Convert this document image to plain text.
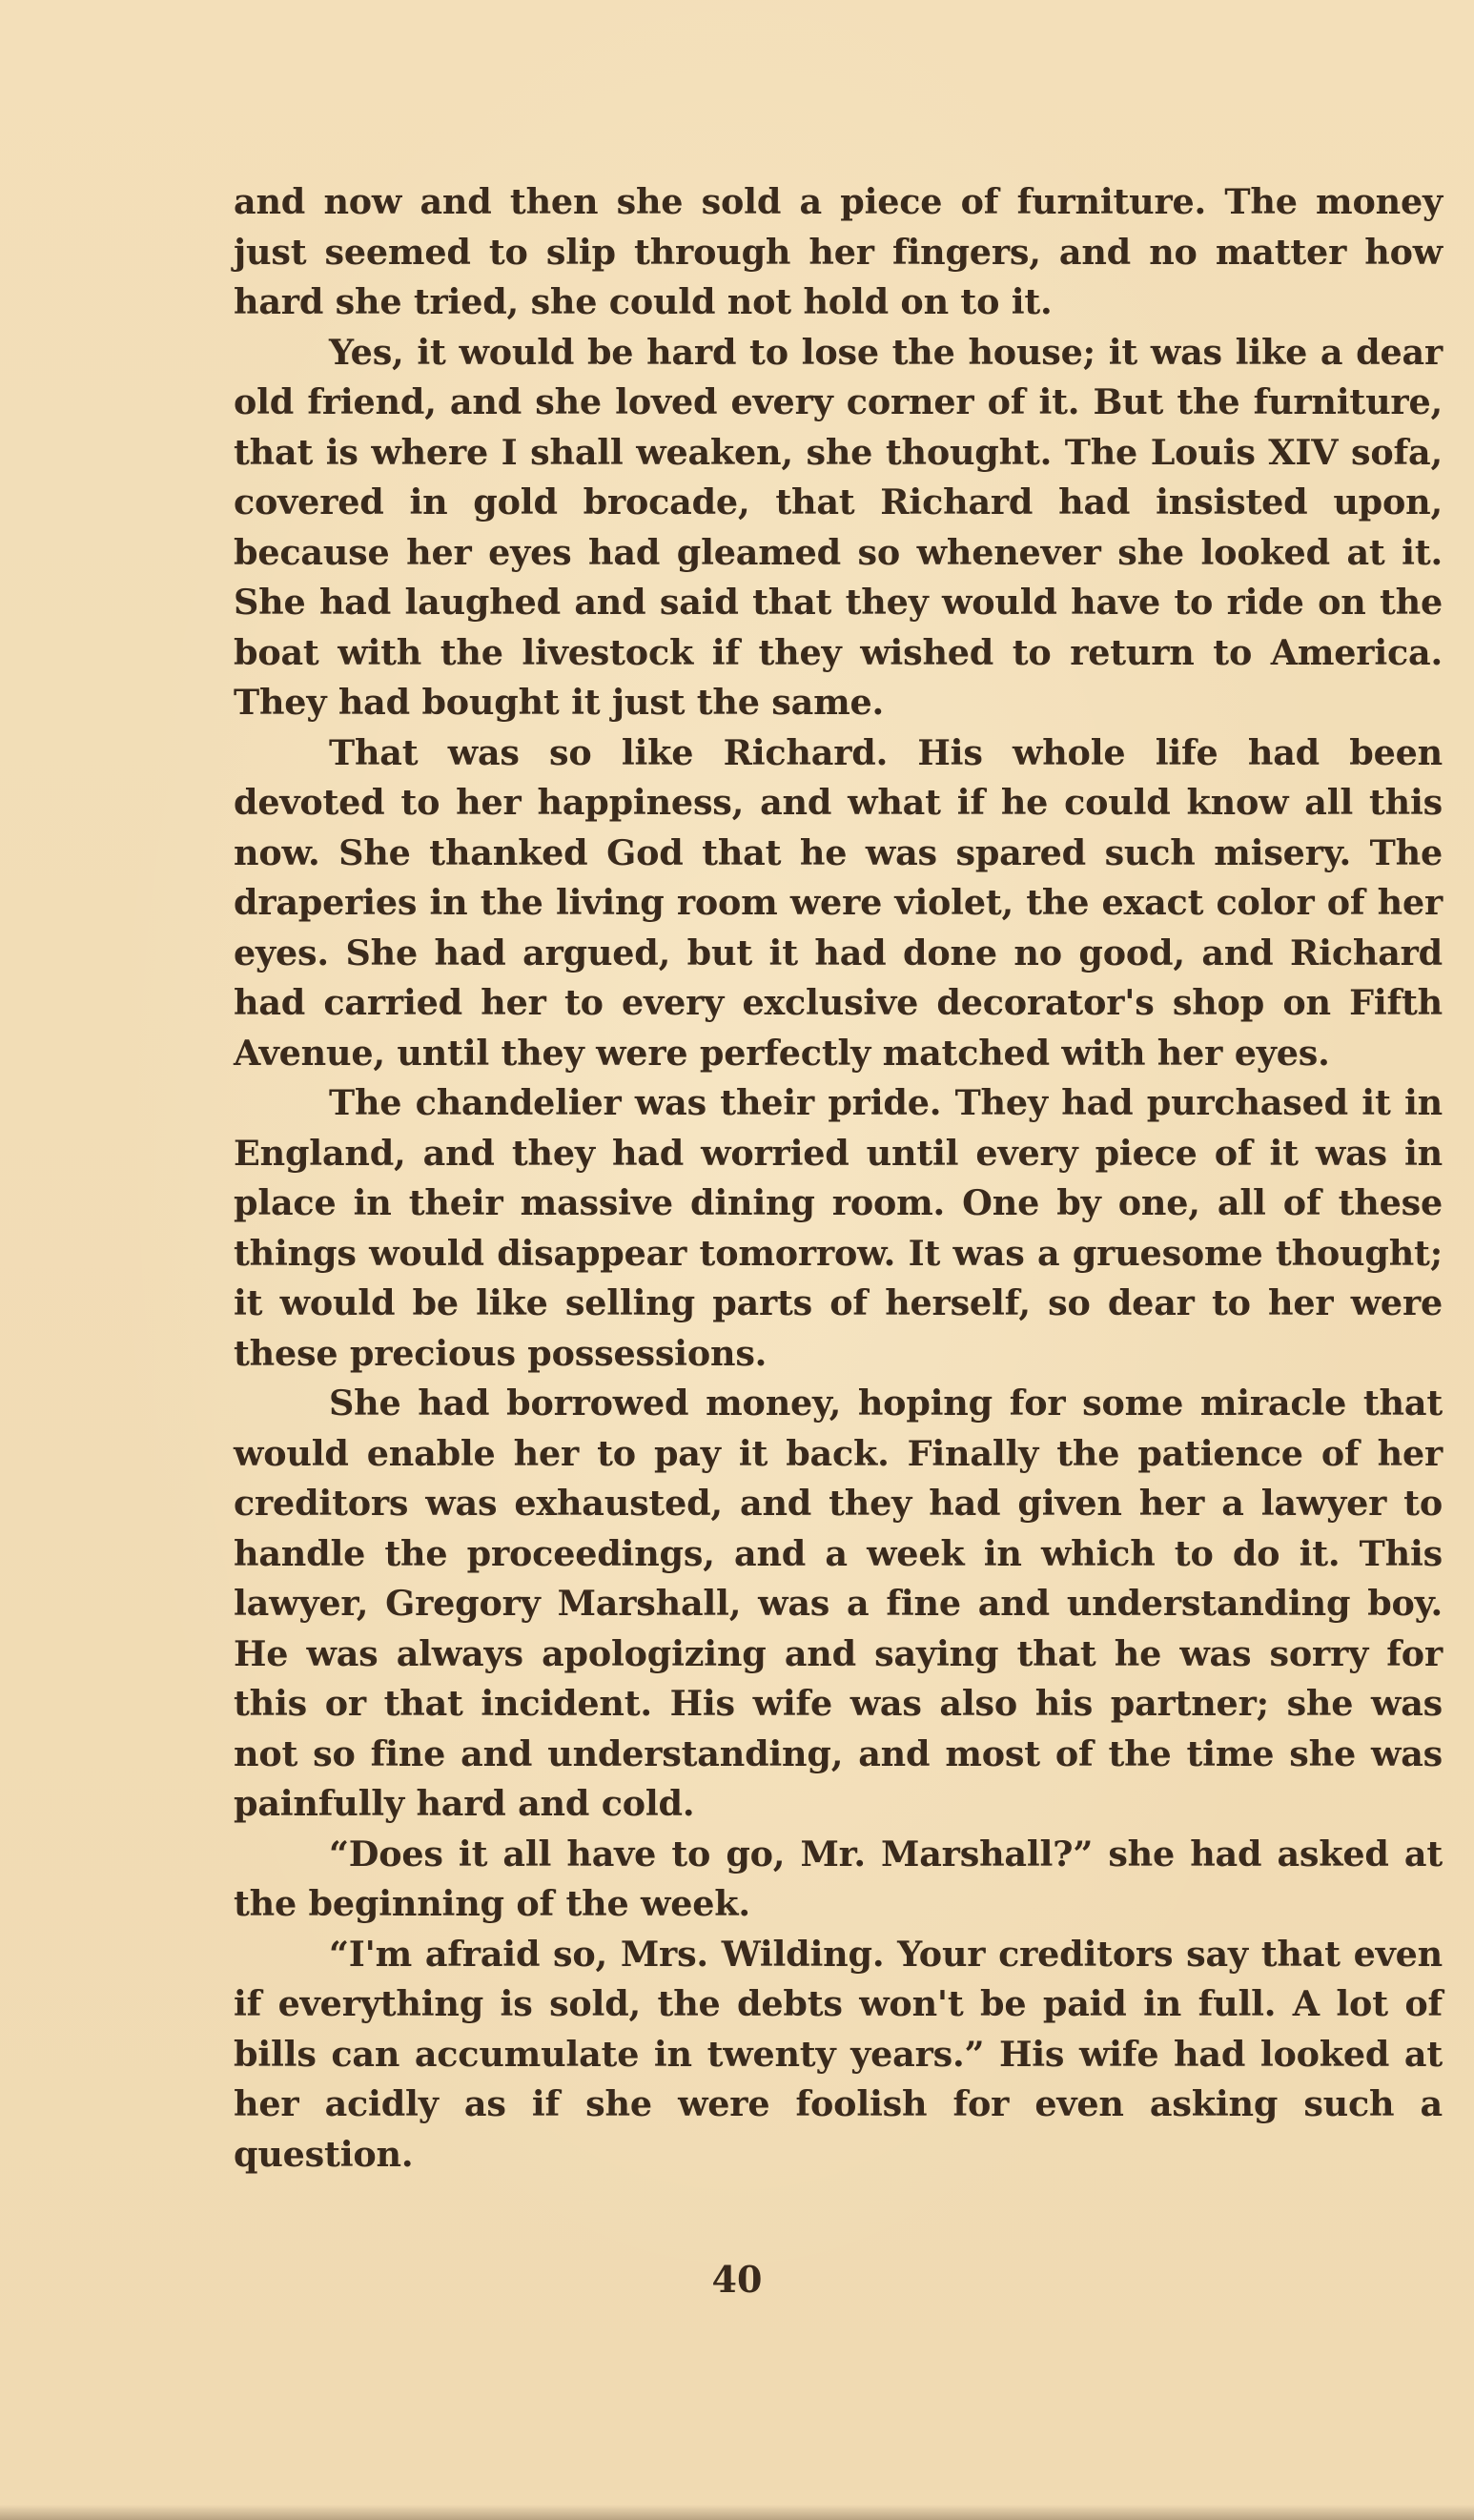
and now and then she sold a piece of furniture. The money just seemed to slip through her fingers, and no matter how hard she tried, she could not hold on to it.

Yes, it would be hard to lose the house; it was like a dear old friend, and she loved every corner of it. But the furniture, that is where I shall weaken, she thought. The Louis XIV sofa, covered in gold brocade, that Richard had insisted upon, because her eyes had gleamed so whenever she looked at it. She had laughed and said that they would have to ride on the boat with the livestock if they wished to return to America. They had bought it just the same.

That was so like Richard. His whole life had been devoted to her happiness, and what if he could know all this now. She thanked God that he was spared such misery. The draperies in the living room were violet, the exact color of her eyes. She had argued, but it had done no good, and Richard had carried her to every exclusive decorator's shop on Fifth Avenue, until they were perfectly matched with her eyes.

The chandelier was their pride. They had purchased it in England, and they had worried until every piece of it was in place in their massive dining room. One by one, all of these things would disappear tomorrow. It was a gruesome thought; it would be like selling parts of herself, so dear to her were these precious possessions.

She had borrowed money, hoping for some miracle that would enable her to pay it back. Finally the patience of her creditors was exhausted, and they had given her a lawyer to handle the proceedings, and a week in which to do it. This lawyer, Gregory Marshall, was a fine and understanding boy. He was always apologizing and saying that he was sorry for this or that incident. His wife was also his partner; she was not so fine and understanding, and most of the time she was painfully hard and cold.

“Does it all have to go, Mr. Marshall?” she had asked at the beginning of the week.

“I'm afraid so, Mrs. Wilding. Your creditors say that even if everything is sold, the debts won't be paid in full. A lot of bills can accumulate in twenty years.” His wife had looked at her acidly as if she were foolish for even asking such a question.

40
